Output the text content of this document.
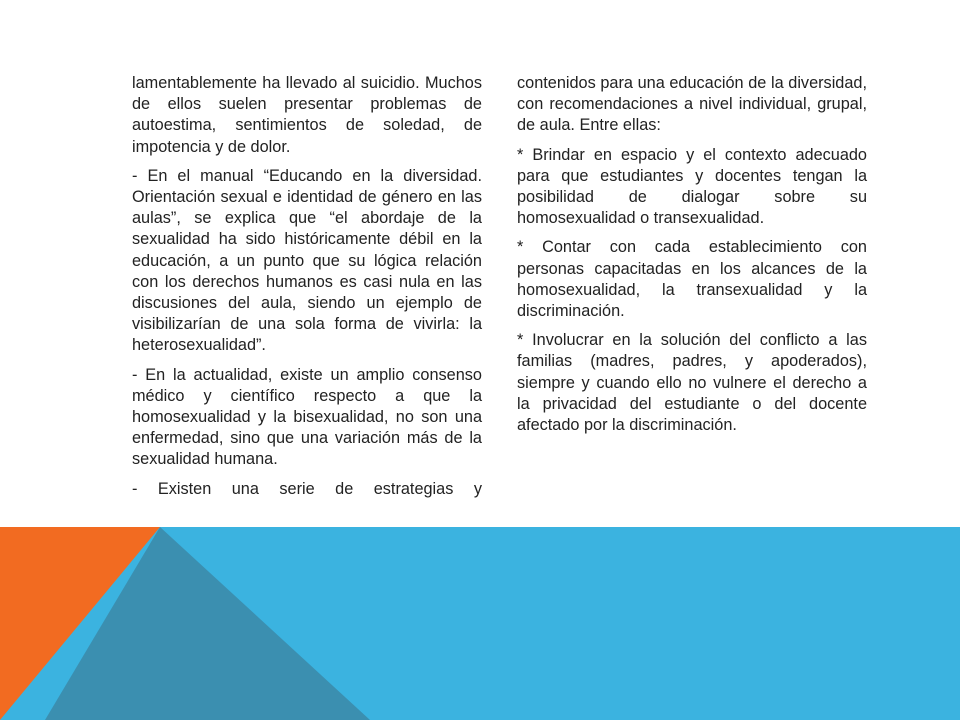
lamentablemente ha llevado al suicidio. Muchos de ellos suelen presentar problemas de autoestima, sentimientos de soledad, de impotencia y de dolor.

- En el manual “Educando en la diversidad. Orientación sexual e identidad de género en las aulas”, se explica que “el abordaje de la sexualidad ha sido históricamente débil en la educación, a un punto que su lógica relación con los derechos humanos es casi nula en las discusiones del aula, siendo un ejemplo de visibilizarían de una sola forma de vivirla: la heterosexualidad”.

- En la actualidad, existe un amplio consenso médico y científico respecto a que la homosexualidad y la bisexualidad, no son una enfermedad, sino que una variación más de la sexualidad humana.

- Existen una serie de estrategias y

contenidos para una educación de la diversidad, con recomendaciones a nivel individual, grupal, de aula. Entre ellas:

* Brindar en espacio y el contexto adecuado para que estudiantes y docentes tengan la posibilidad de dialogar sobre su homosexualidad o transexualidad.

* Contar con cada establecimiento con personas capacitadas en los alcances de la homosexualidad, la transexualidad y la discriminación.

* Involucrar en la solución del conflicto a las familias (madres, padres, y apoderados), siempre y cuando ello no vulnere el derecho a la privacidad del estudiante o del docente afectado por la discriminación.
